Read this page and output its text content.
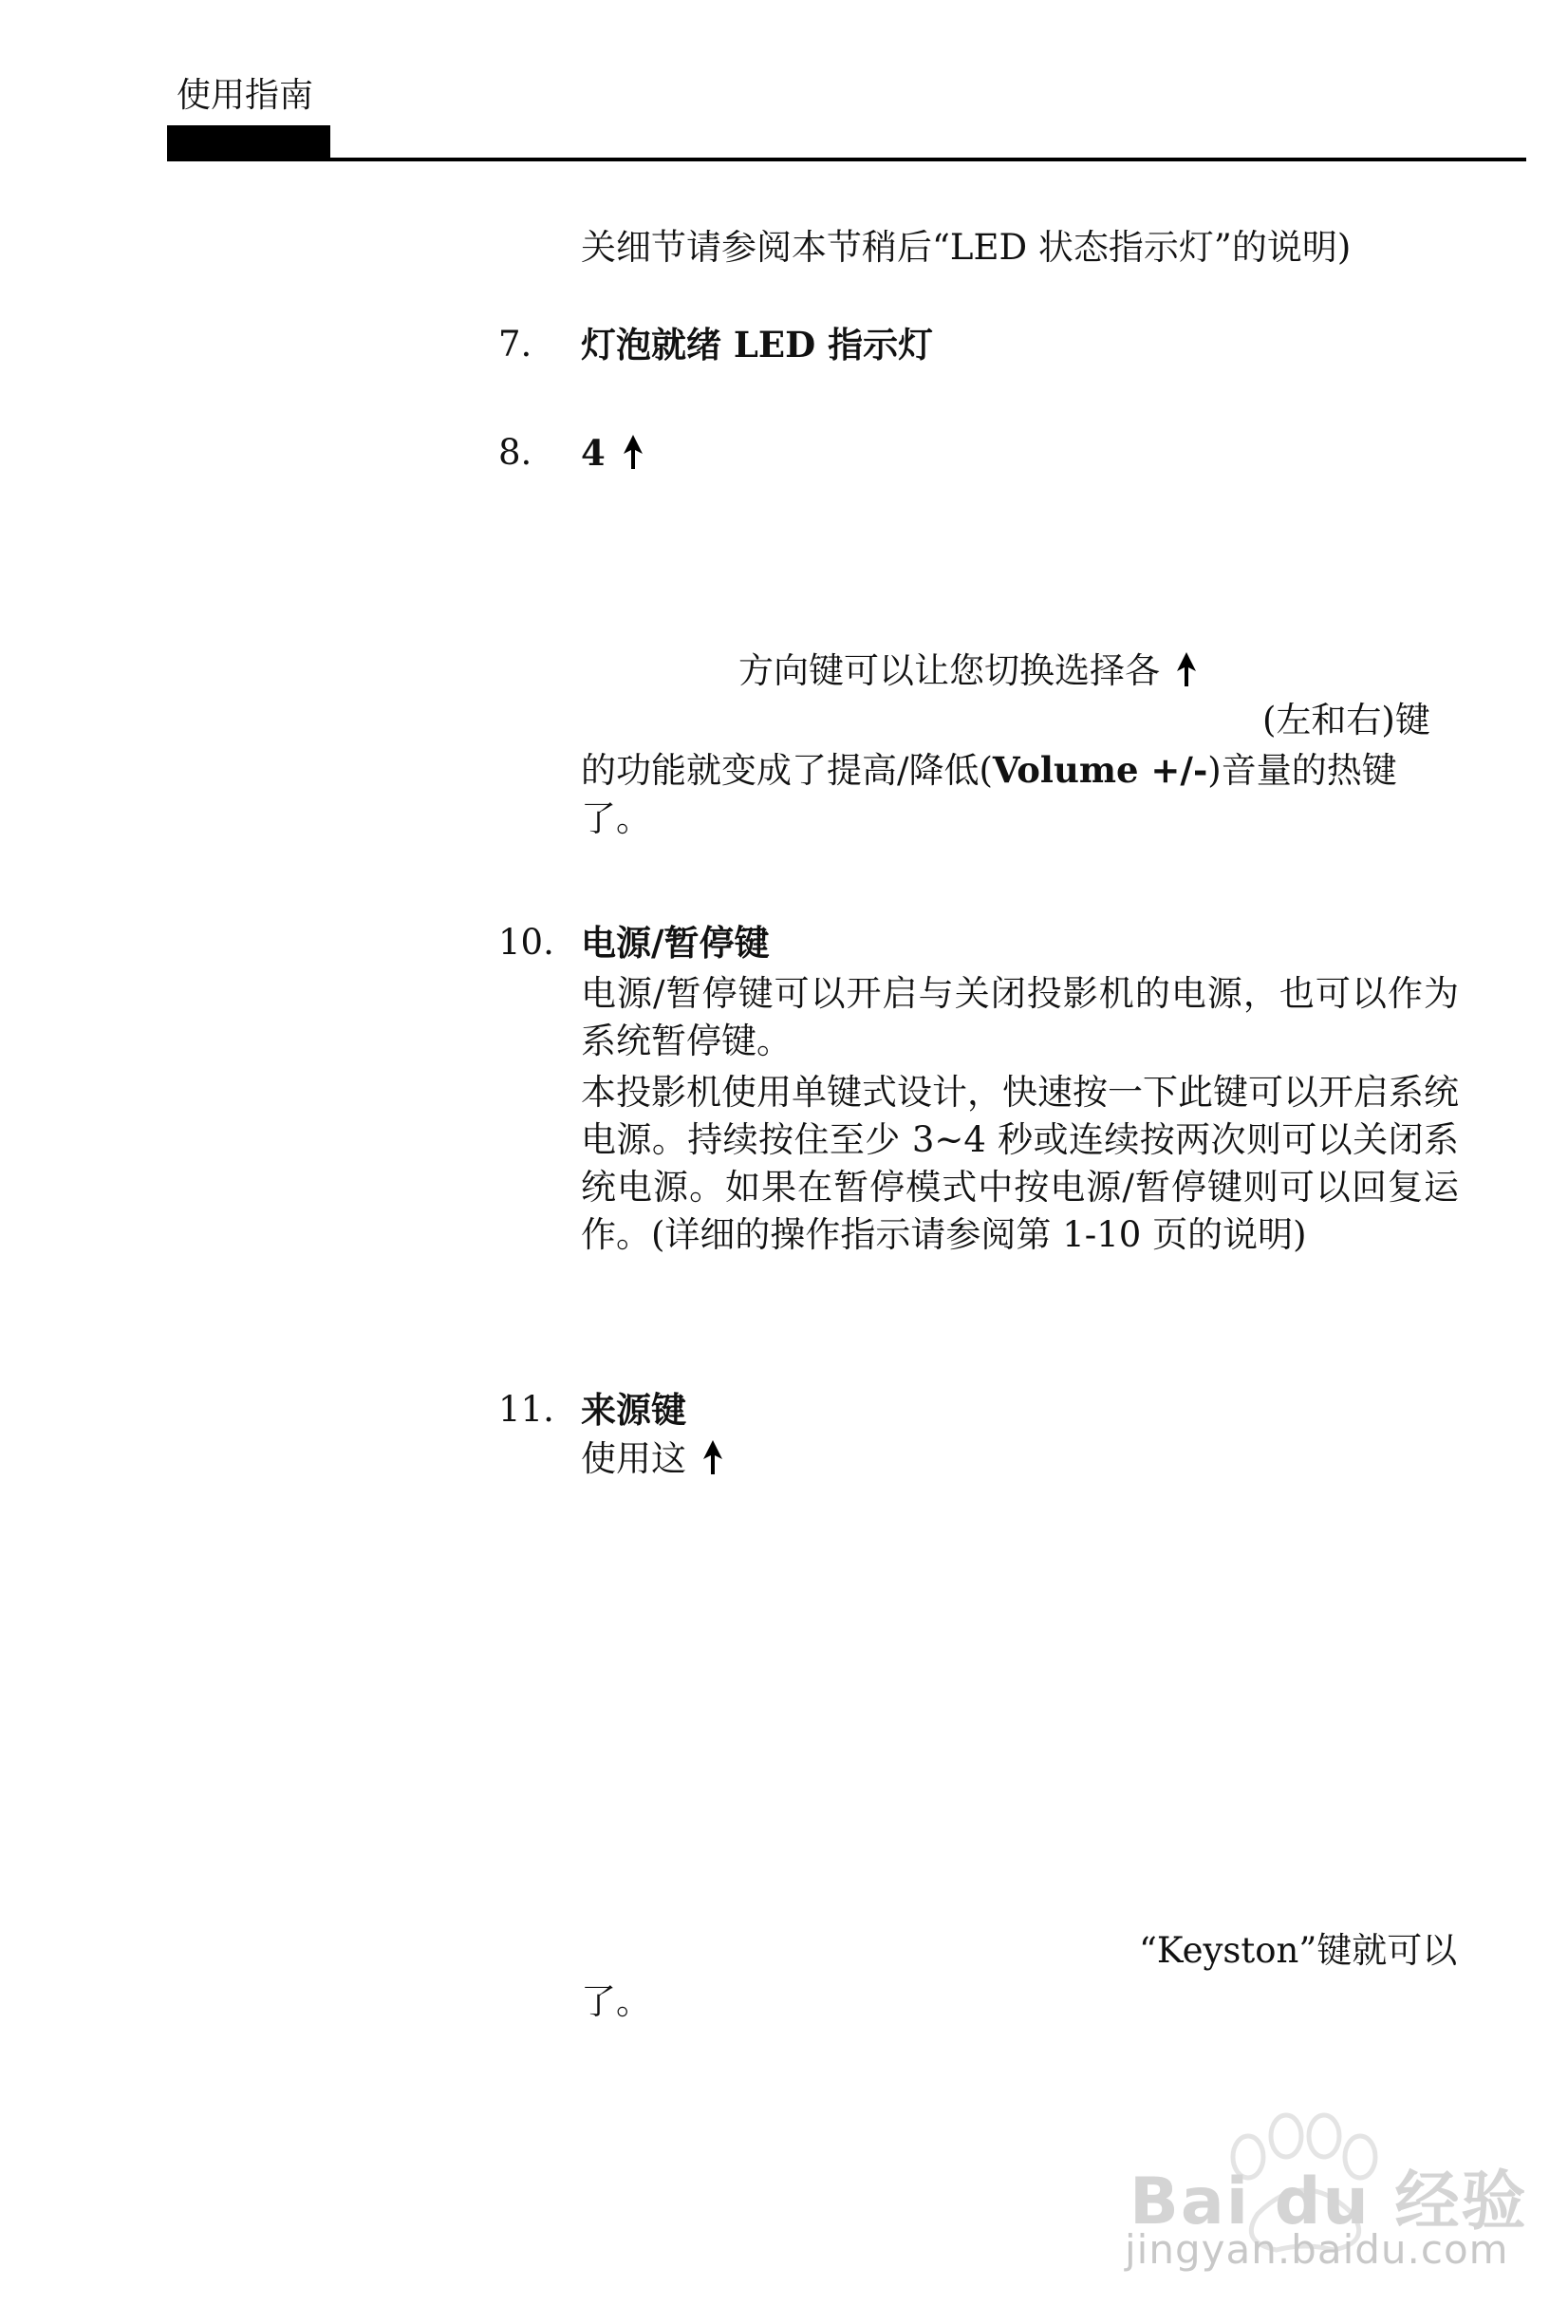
使用指南
关细节请参阅本节稍后“LED 状态指示灯”的说明)
7. 灯泡就绪 LED 指示灯
8. 4
方向键可以让您切换选择各
(左和右)键
的功能就变成了提高/降低(Volume +/-)音量的热键
了。
10. 电源/暂停键
电源/暂停键可以开启与关闭投影机的电源，也可以作为系统暂停键。
本投影机使用单键式设计，快速按一下此键可以开启系统电源。持续按住至少 3~4 秒或连续按两次则可以关闭系统电源。如果在暂停模式中按电源/暂停键则可以回复运作。(详细的操作指示请参阅第 1-10 页的说明)
11. 来源键
使用这
“Keyston”键就可以
了。
Bai du 经验
jingyan.baidu.com
